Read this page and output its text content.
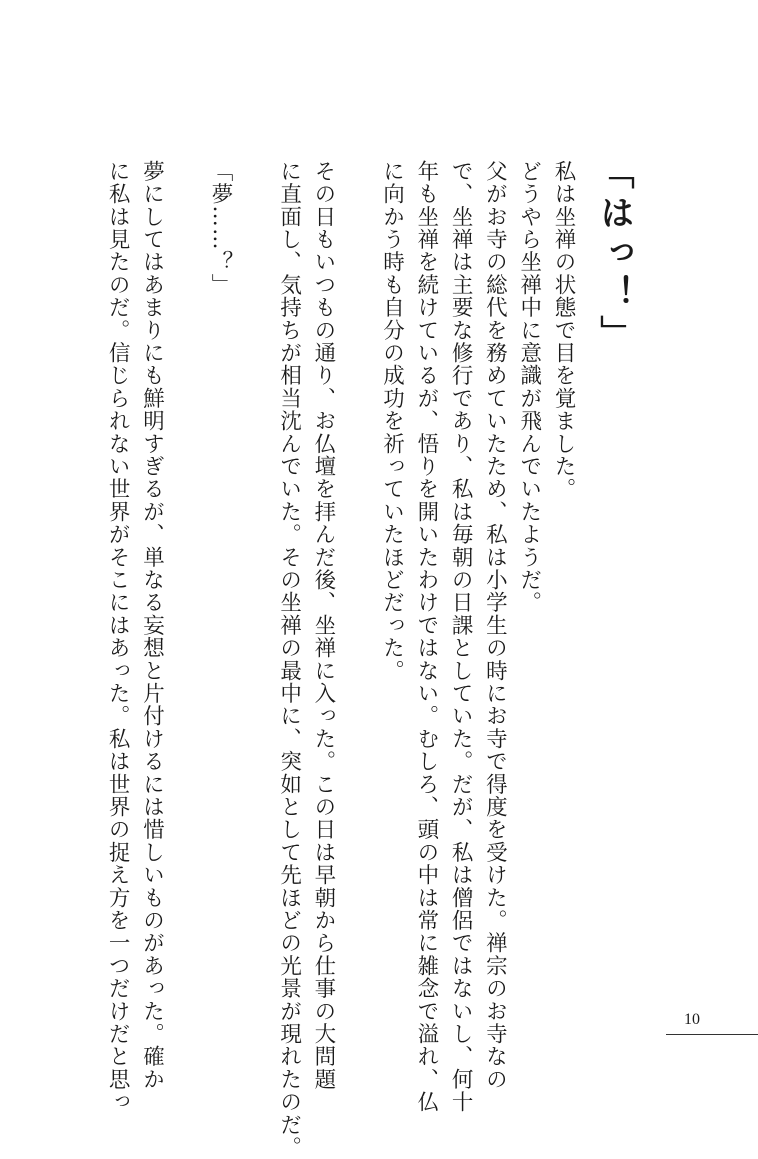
「はっ！」

私は坐禅の状態で目を覚ました。

どうやら坐禅中に意識が飛んでいたようだ。

父がお寺の総代を務めていたため、私は小学生の時にお寺で得度を受けた。禅宗のお寺なの

で、坐禅は主要な修行であり、私は毎朝の日課としていた。だが、私は僧侶ではないし、何十

年も坐禅を続けているが、悟りを開いたわけではない。むしろ、頭の中は常に雑念で溢れ、仏

に向かう時も自分の成功を祈っていたほどだった。

その日もいつもの通り、お仏壇を拝んだ後、坐禅に入った。この日は早朝から仕事の大問題

に直面し、気持ちが相当沈んでいた。その坐禅の最中に、突如として先ほどの光景が現れたのだ。

「夢……？」

夢にしてはあまりにも鮮明すぎるが、単なる妄想と片付けるには惜しいものがあった。確か

に私は見たのだ。信じられない世界がそこにはあった。私は世界の捉え方を一つだけだと思っ	10
